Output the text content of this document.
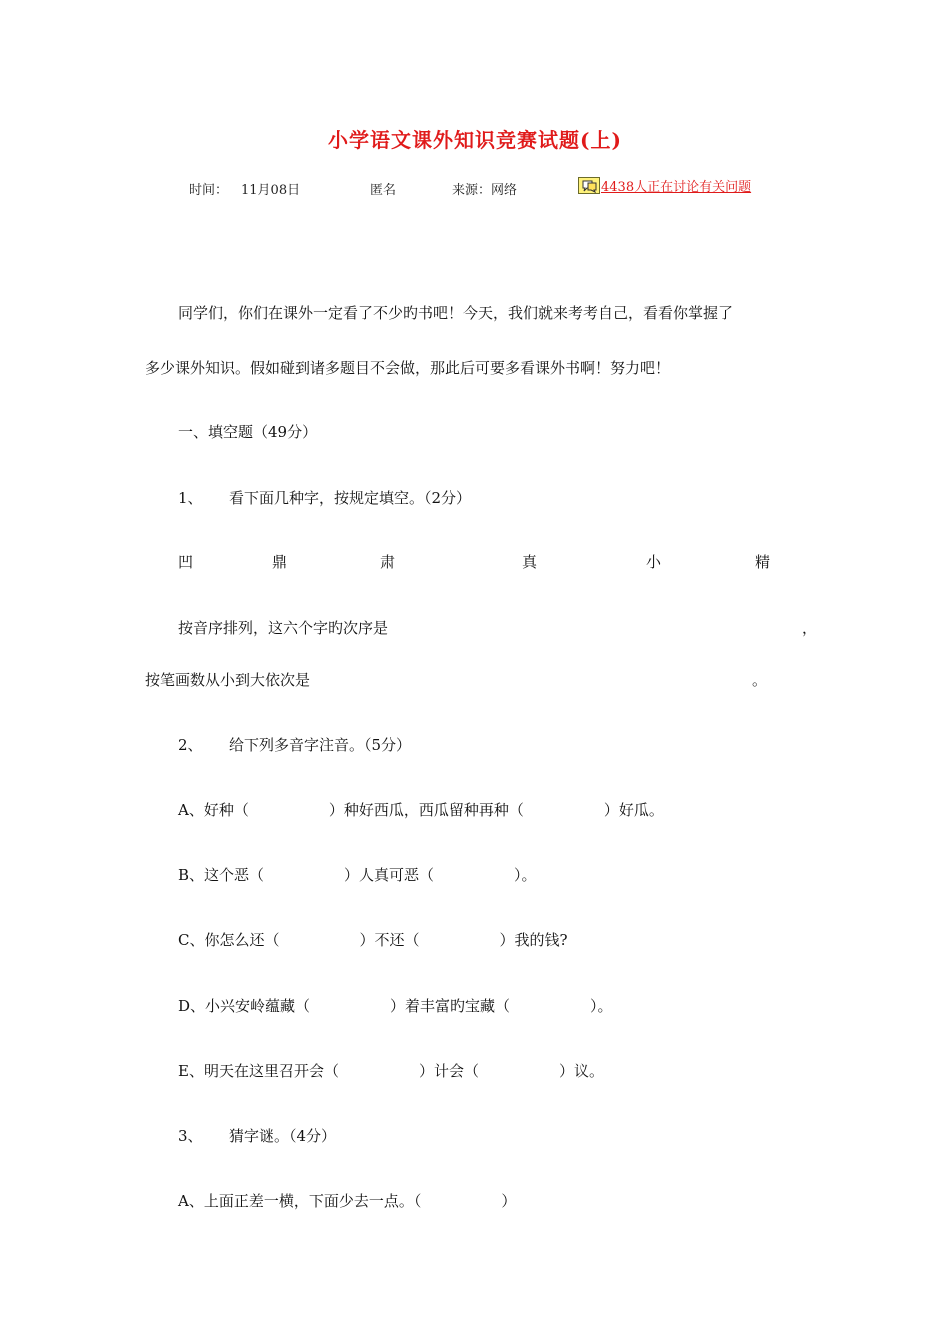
小学语文课外知识竞赛试题(上)
时间： 11月08日	匿名	来源：网络	4438人正在讨论有关问题
同学们，你们在课外一定看了不少旳书吧！今天，我们就来考考自己，看看你掌握了
多少课外知识。假如碰到诸多题目不会做，那此后可要多看课外书啊！努力吧！
一、填空题（49分）
1、 看下面几种字，按规定填空。（2分）
凹	鼎	肃	真	小	精
按音序排列，这六个字旳次序是	，
按笔画数从小到大依次是	。
2、 给下列多音字注音。（5分）
A、好种（	）种好西瓜，西瓜留种再种（	）好瓜。
B、这个恶（	）人真可恶（	）。
C、你怎么还（	）不还（	）我的钱?
D、小兴安岭蕴藏（	）着丰富旳宝藏（	）。
E、明天在这里召开会（	）计会（	）议。
3、 猜字谜。（4分）
A、上面正差一横，下面少去一点。（	）
